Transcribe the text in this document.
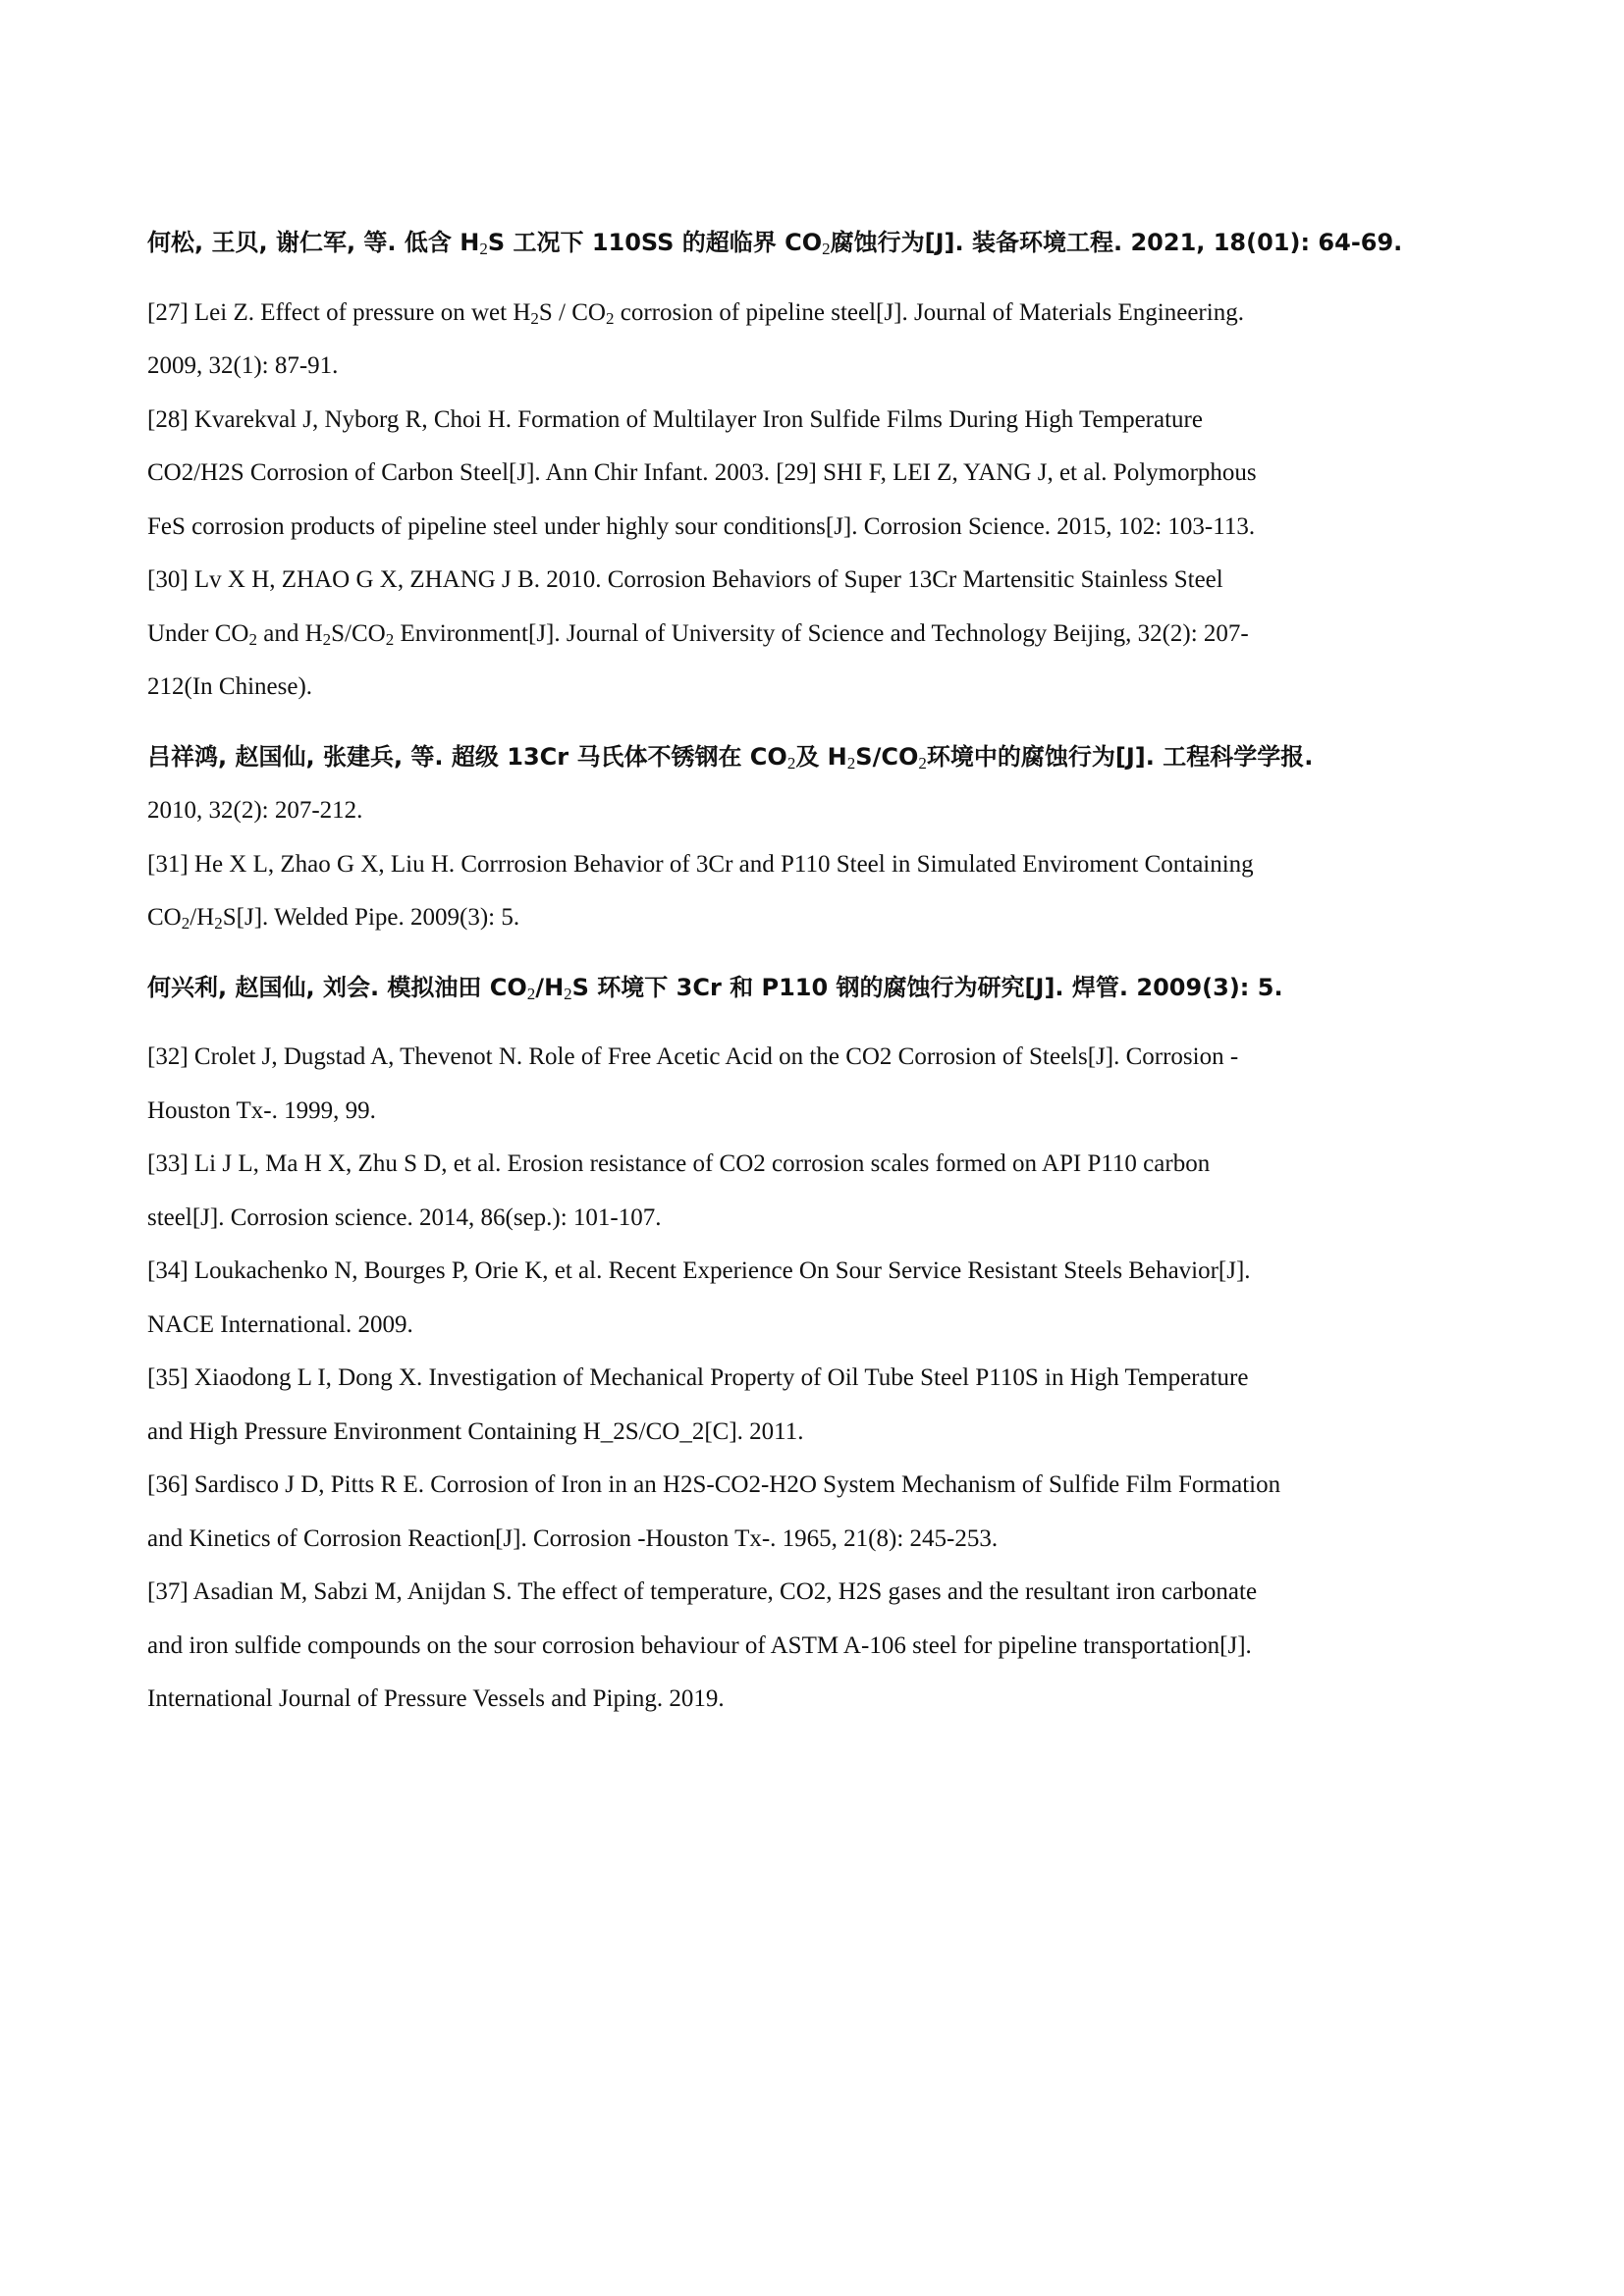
何松, 王贝, 谢仁军, 等. 低含 $H_2S$ 工况下 110SS 的超临界 $CO_2$腐蚀行为[J]. 装备环境工程. 2021, 18(01): 64-69.

[27] Lei Z. Effect of pressure on wet $H_2S / CO_2$ corrosion of pipeline steel[J]. Journal of Materials Engineering.
2009, 32(1): 87-91.

[28] Kvarekval J, Nyborg R, Choi H. Formation of Multilayer Iron Sulfide Films During High Temperature
CO2/H2S Corrosion of Carbon Steel[J]. Ann Chir Infant. 2003. [29] SHI F, LEI Z, YANG J, et al. Polymorphous
FeS corrosion products of pipeline steel under highly sour conditions[J]. Corrosion Science. 2015, 102: 103-113.

[30] Lv X H, ZHAO G X, ZHANG J B. 2010. Corrosion Behaviors of Super 13Cr Martensitic Stainless Steel
Under $CO_2$ and $H_2S/CO_2$ Environment[J]. Journal of University of Science and Technology Beijing, 32(2): 207-
212(In Chinese).

吕祥鸿, 赵国仙, 张建兵, 等. 超级 13Cr 马氏体不锈钢在 $CO_2$及 $H_2S/CO_2$环境中的腐蚀行为[J]. 工程科学学报.

2010, 32(2): 207-212.

[31] He X L, Zhao G X, Liu H. Corrrosion Behavior of 3Cr and P110 Steel in Simulated Enviroment Containing
$CO_2/H_2S[J]$. Welded Pipe. 2009(3): 5.

何兴利, 赵国仙, 刘会. 模拟油田 $CO_2/H_2S$ 环境下 3Cr 和 P110 钢的腐蚀行为研究[J]. 焊管. 2009(3): 5.

[32] Crolet J, Dugstad A, Thevenot N. Role of Free Acetic Acid on the CO2 Corrosion of Steels[J]. Corrosion -
Houston Tx-. 1999, 99.

[33] Li J L, Ma H X, Zhu S D, et al. Erosion resistance of CO2 corrosion scales formed on API P110 carbon
steel[J]. Corrosion science. 2014, 86(sep.): 101-107.

[34] Loukachenko N, Bourges P, Orie K, et al. Recent Experience On Sour Service Resistant Steels Behavior[J].
NACE International. 2009.

[35] Xiaodong L I, Dong X. Investigation of Mechanical Property of Oil Tube Steel P110S in High Temperature
and High Pressure Environment Containing H_2S/CO_2[C]. 2011.

[36] Sardisco J D, Pitts R E. Corrosion of Iron in an H2S-CO2-H2O System Mechanism of Sulfide Film Formation
and Kinetics of Corrosion Reaction[J]. Corrosion -Houston Tx-. 1965, 21(8): 245-253.

[37] Asadian M, Sabzi M, Anijdan S. The effect of temperature, CO2, H2S gases and the resultant iron carbonate
and iron sulfide compounds on the sour corrosion behaviour of ASTM A-106 steel for pipeline transportation[J].
International Journal of Pressure Vessels and Piping. 2019.
